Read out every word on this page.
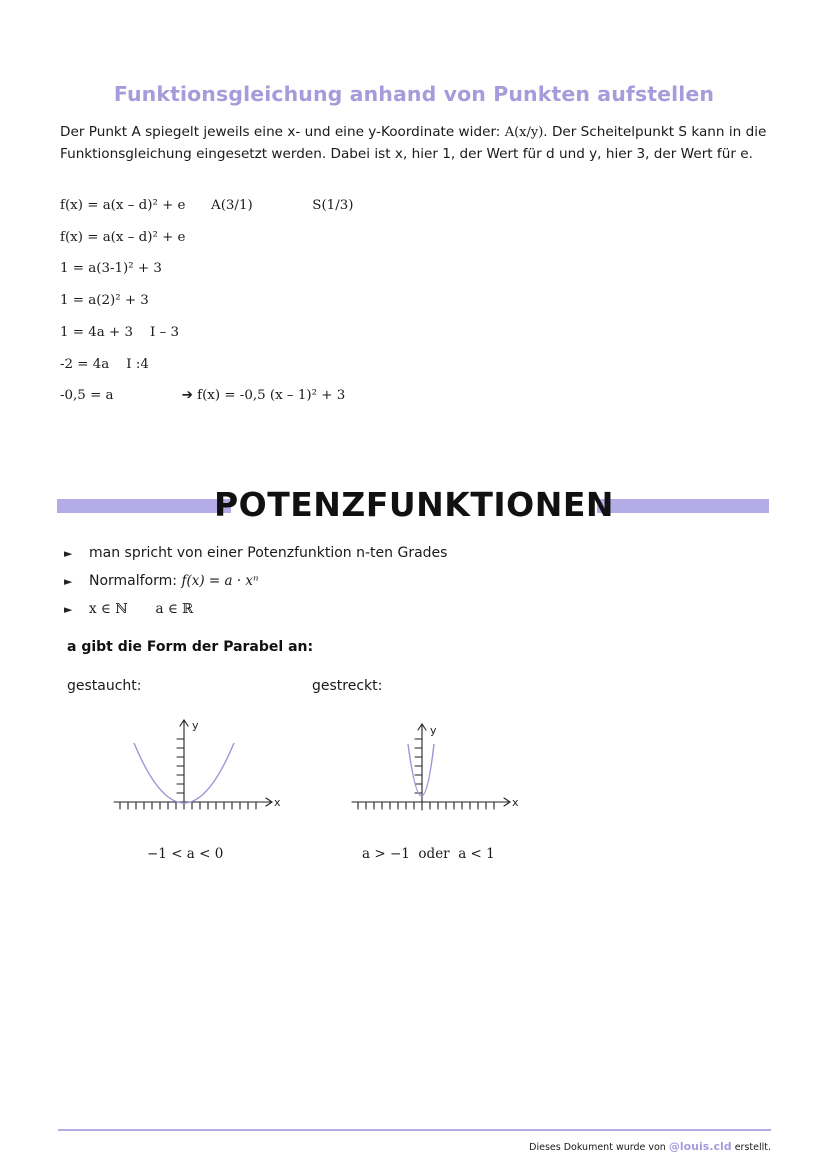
Funktionsgleichung anhand von Punkten aufstellen
Der Punkt A spiegelt jeweils eine x- und eine y-Koordinate wider: A(x/y). Der Scheitelpunkt S kann in die Funktionsgleichung eingesetzt werden. Dabei ist x, hier 1, der Wert für d und y, hier 3, der Wert für e.
f(x) = a(x – d)² + e      A(3/1)              S(1/3)
f(x) = a(x – d)² + e
1 = a(3-1)² + 3
1 = a(2)² + 3
1 = 4a + 3    I – 3
-2 = 4a    I :4
-0,5 = a                ➔ f(x) = -0,5 (x – 1)² + 3
POTENZFUNKTIONEN
► man spricht von einer Potenzfunktion n-ten Grades
► Normalform: f(x) = a · xⁿ
► x ∈ ℕ a ∈ ℝ
a gibt die Form der Parabel an:
gestaucht:	gestreckt:
y
x
y
x
−1 < a < 0	a > −1  oder  a < 1
Dieses Dokument wurde von @louis.cld erstellt.
